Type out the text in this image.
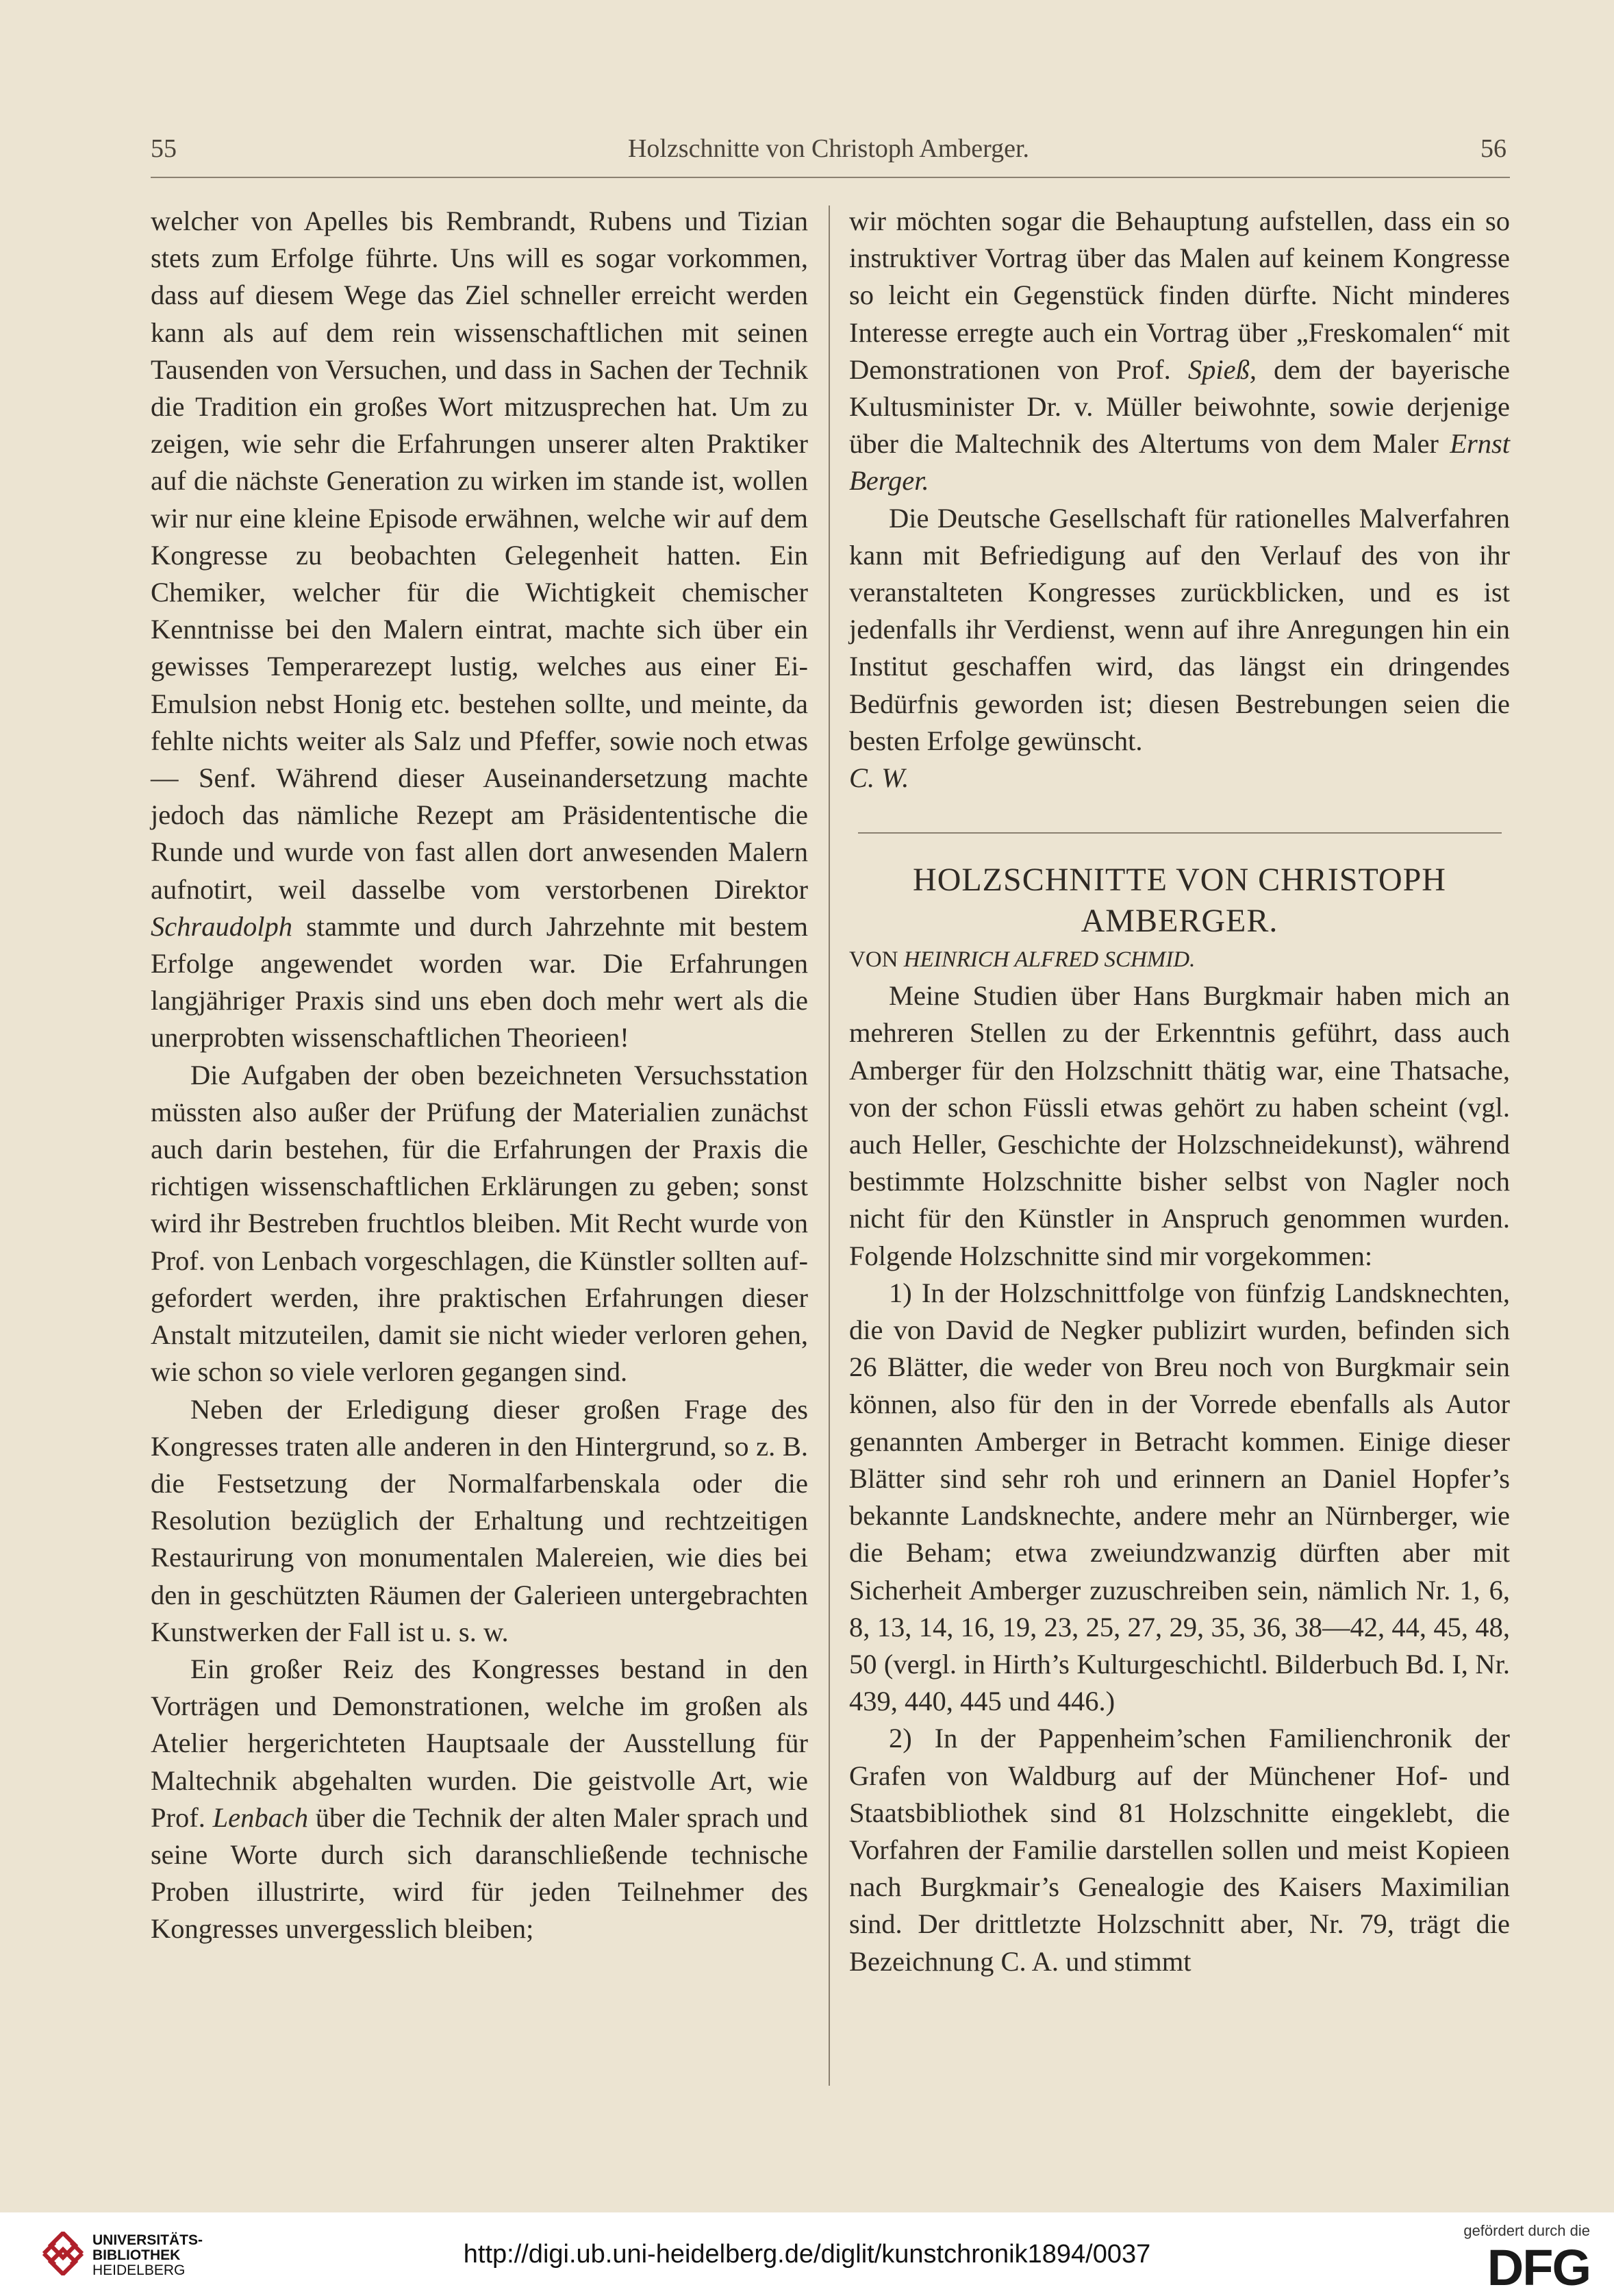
55	Holzschnitte von Christoph Amberger.	56

welcher von Apelles bis Rembrandt, Rubens und Tizian stets zum Erfolge führte. Uns will es sogar vorkommen, dass auf diesem Wege das Ziel schneller erreicht werden kann als auf dem rein wissenschaftlichen mit seinen Tausenden von Versuchen, und dass in Sachen der Technik die Tradition ein großes Wort mitzusprechen hat. Um zu zeigen, wie sehr die Erfahrungen unserer alten Praktiker auf die nächste Generation zu wirken im stande ist, wollen wir nur eine kleine Episode erwähnen, welche wir auf dem Kongresse zu beobachten Gelegenheit hatten. Ein Chemiker, welcher für die Wichtigkeit chemischer Kenntnisse bei den Malern eintrat, machte sich über ein gewisses Temperarezept lustig, welches aus einer Ei-Emulsion nebst Honig etc. bestehen sollte, und meinte, da fehlte nichts weiter als Salz und Pfeffer, sowie noch etwas — Senf. Während dieser Auseinandersetzung machte jedoch das nämliche Rezept am Präsidententische die Runde und wurde von fast allen dort anwesenden Malern aufnotirt, weil dasselbe vom verstorbenen Direktor Schraudolph stammte und durch Jahrzehnte mit bestem Erfolge angewendet worden war. Die Erfahrungen langjähriger Praxis sind uns eben doch mehr wert als die unerprobten wissenschaftlichen Theorieen!

Die Aufgaben der oben bezeichneten Versuchsstation müssten also außer der Prüfung der Materialien zunächst auch darin bestehen, für die Erfahrungen der Praxis die richtigen wissenschaftlichen Erklärungen zu geben; sonst wird ihr Bestreben fruchtlos bleiben. Mit Recht wurde von Prof. von Lenbach vorgeschlagen, die Künstler sollten aufgefordert werden, ihre praktischen Erfahrungen dieser Anstalt mitzuteilen, damit sie nicht wieder verloren gehen, wie schon so viele verloren gegangen sind.

Neben der Erledigung dieser großen Frage des Kongresses traten alle anderen in den Hintergrund, so z. B. die Festsetzung der Normalfarbenskala oder die Resolution bezüglich der Erhaltung und rechtzeitigen Restaurirung von monumentalen Malereien, wie dies bei den in geschützten Räumen der Galerieen untergebrachten Kunstwerken der Fall ist u. s. w.

Ein großer Reiz des Kongresses bestand in den Vorträgen und Demonstrationen, welche im großen als Atelier hergerichteten Hauptsaale der Ausstellung für Maltechnik abgehalten wurden. Die geistvolle Art, wie Prof. Lenbach über die Technik der alten Maler sprach und seine Worte durch sich daranschließende technische Proben illustrirte, wird für jeden Teilnehmer des Kongresses unvergesslich bleiben;

wir möchten sogar die Behauptung aufstellen, dass ein so instruktiver Vortrag über das Malen auf keinem Kongresse so leicht ein Gegenstück finden dürfte. Nicht minderes Interesse erregte auch ein Vortrag über „Freskomalen“ mit Demonstrationen von Prof. Spieß, dem der bayerische Kultusminister Dr. v. Müller beiwohnte, sowie derjenige über die Maltechnik des Altertums von dem Maler Ernst Berger.

Die Deutsche Gesellschaft für rationelles Malverfahren kann mit Befriedigung auf den Verlauf des von ihr veranstalteten Kongresses zurückblicken, und es ist jedenfalls ihr Verdienst, wenn auf ihre Anregungen hin ein Institut geschaffen wird, das längst ein dringendes Bedürfnis geworden ist; diesen Bestrebungen seien die besten Erfolge gewünscht.

C. W.

HOLZSCHNITTE VON CHRISTOPH
AMBERGER.

VON HEINRICH ALFRED SCHMID.

Meine Studien über Hans Burgkmair haben mich an mehreren Stellen zu der Erkenntnis geführt, dass auch Amberger für den Holzschnitt thätig war, eine Thatsache, von der schon Füssli etwas gehört zu haben scheint (vgl. auch Heller, Geschichte der Holzschneidekunst), während bestimmte Holzschnitte bisher selbst von Nagler noch nicht für den Künstler in Anspruch genommen wurden. Folgende Holzschnitte sind mir vorgekommen:

1) In der Holzschnittfolge von fünfzig Landsknechten, die von David de Negker publizirt wurden, befinden sich 26 Blätter, die weder von Breu noch von Burgkmair sein können, also für den in der Vorrede ebenfalls als Autor genannten Amberger in Betracht kommen. Einige dieser Blätter sind sehr roh und erinnern an Daniel Hopfer’s bekannte Landsknechte, andere mehr an Nürnberger, wie die Beham; etwa zweiundzwanzig dürften aber mit Sicherheit Amberger zuzuschreiben sein, nämlich Nr. 1, 6, 8, 13, 14, 16, 19, 23, 25, 27, 29, 35, 36, 38—42, 44, 45, 48, 50 (vergl. in Hirth’s Kulturgeschichtl. Bilderbuch Bd. I, Nr. 439, 440, 445 und 446.)

2) In der Pappenheim’schen Familienchronik der Grafen von Waldburg auf der Münchener Hof- und Staatsbibliothek sind 81 Holzschnitte eingeklebt, die Vorfahren der Familie darstellen sollen und meist Kopieen nach Burgkmair’s Genealogie des Kaisers Maximilian sind. Der drittletzte Holzschnitt aber, Nr. 79, trägt die Bezeichnung C. A. und stimmt

UNIVERSITÄTS-
BIBLIOTHEK
HEIDELBERG
http://digi.ub.uni-heidelberg.de/diglit/kunstchronik1894/0037
gefördert durch die
DFG
